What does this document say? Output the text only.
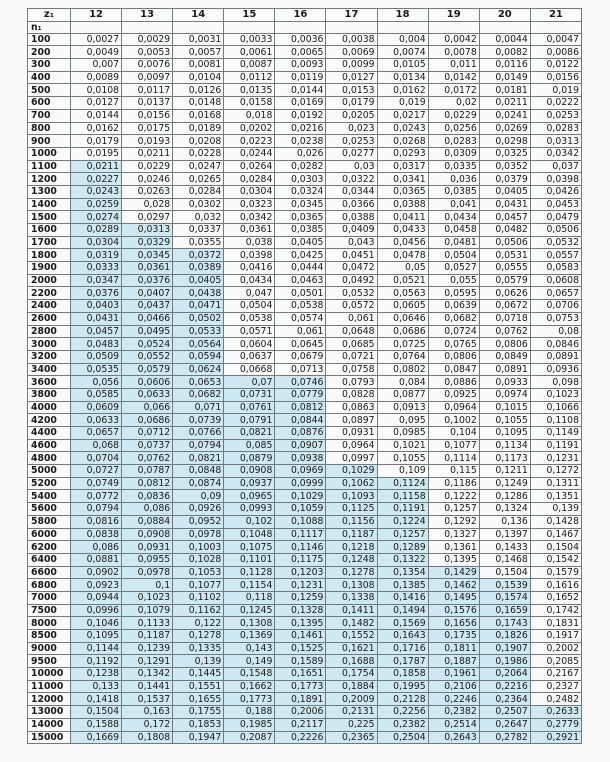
z₁	12	13	14	15	16	17	18	19	20	21
n₁										
100	0,0027	0,0029	0,0031	0,0033	0,0036	0,0038	0,004	0,0042	0,0044	0,0047
200	0,0049	0,0053	0,0057	0,0061	0,0065	0,0069	0,0074	0,0078	0,0082	0,0086
300	0,007	0,0076	0,0081	0,0087	0,0093	0,0099	0,0105	0,011	0,0116	0,0122
400	0,0089	0,0097	0,0104	0,0112	0,0119	0,0127	0,0134	0,0142	0,0149	0,0156
500	0,0108	0,0117	0,0126	0,0135	0,0144	0,0153	0,0162	0,0172	0,0181	0,019
600	0,0127	0,0137	0,0148	0,0158	0,0169	0,0179	0,019	0,02	0,0211	0,0222
700	0,0144	0,0156	0,0168	0,018	0,0192	0,0205	0,0217	0,0229	0,0241	0,0253
800	0,0162	0,0175	0,0189	0,0202	0,0216	0,023	0,0243	0,0256	0,0269	0,0283
900	0,0179	0,0193	0,0208	0,0223	0,0238	0,0253	0,0268	0,0283	0,0298	0,0313
1000	0,0195	0,0211	0,0228	0,0244	0,026	0,0277	0,0293	0,0309	0,0325	0,0342
1100	0,0211	0,0229	0,0247	0,0264	0,0282	0,03	0,0317	0,0335	0,0352	0,037
1200	0,0227	0,0246	0,0265	0,0284	0,0303	0,0322	0,0341	0,036	0,0379	0,0398
1300	0,0243	0,0263	0,0284	0,0304	0,0324	0,0344	0,0365	0,0385	0,0405	0,0426
1400	0,0259	0,028	0,0302	0,0323	0,0345	0,0366	0,0388	0,041	0,0431	0,0453
1500	0,0274	0,0297	0,032	0,0342	0,0365	0,0388	0,0411	0,0434	0,0457	0,0479
1600	0,0289	0,0313	0,0337	0,0361	0,0385	0,0409	0,0433	0,0458	0,0482	0,0506
1700	0,0304	0,0329	0,0355	0,038	0,0405	0,043	0,0456	0,0481	0,0506	0,0532
1800	0,0319	0,0345	0,0372	0,0398	0,0425	0,0451	0,0478	0,0504	0,0531	0,0557
1900	0,0333	0,0361	0,0389	0,0416	0,0444	0,0472	0,05	0,0527	0,0555	0,0583
2000	0,0347	0,0376	0,0405	0,0434	0,0463	0,0492	0,0521	0,055	0,0579	0,0608
2200	0,0376	0,0407	0,0438	0,047	0,0501	0,0532	0,0563	0,0595	0,0626	0,0657
2400	0,0403	0,0437	0,0471	0,0504	0,0538	0,0572	0,0605	0,0639	0,0672	0,0706
2600	0,0431	0,0466	0,0502	0,0538	0,0574	0,061	0,0646	0,0682	0,0718	0,0753
2800	0,0457	0,0495	0,0533	0,0571	0,061	0,0648	0,0686	0,0724	0,0762	0,08
3000	0,0483	0,0524	0,0564	0,0604	0,0645	0,0685	0,0725	0,0765	0,0806	0,0846
3200	0,0509	0,0552	0,0594	0,0637	0,0679	0,0721	0,0764	0,0806	0,0849	0,0891
3400	0,0535	0,0579	0,0624	0,0668	0,0713	0,0758	0,0802	0,0847	0,0891	0,0936
3600	0,056	0,0606	0,0653	0,07	0,0746	0,0793	0,084	0,0886	0,0933	0,098
3800	0,0585	0,0633	0,0682	0,0731	0,0779	0,0828	0,0877	0,0925	0,0974	0,1023
4000	0,0609	0,066	0,071	0,0761	0,0812	0,0863	0,0913	0,0964	0,1015	0,1066
4200	0,0633	0,0686	0,0739	0,0791	0,0844	0,0897	0,095	0,1002	0,1055	0,1108
4400	0,0657	0,0712	0,0766	0,0821	0,0876	0,0931	0,0985	0,104	0,1095	0,1149
4600	0,068	0,0737	0,0794	0,085	0,0907	0,0964	0,1021	0,1077	0,1134	0,1191
4800	0,0704	0,0762	0,0821	0,0879	0,0938	0,0997	0,1055	0,1114	0,1173	0,1231
5000	0,0727	0,0787	0,0848	0,0908	0,0969	0,1029	0,109	0,115	0,1211	0,1272
5200	0,0749	0,0812	0,0874	0,0937	0,0999	0,1062	0,1124	0,1186	0,1249	0,1311
5400	0,0772	0,0836	0,09	0,0965	0,1029	0,1093	0,1158	0,1222	0,1286	0,1351
5600	0,0794	0,086	0,0926	0,0993	0,1059	0,1125	0,1191	0,1257	0,1324	0,139
5800	0,0816	0,0884	0,0952	0,102	0,1088	0,1156	0,1224	0,1292	0,136	0,1428
6000	0,0838	0,0908	0,0978	0,1048	0,1117	0,1187	0,1257	0,1327	0,1397	0,1467
6200	0,086	0,0931	0,1003	0,1075	0,1146	0,1218	0,1289	0,1361	0,1433	0,1504
6400	0,0881	0,0955	0,1028	0,1101	0,1175	0,1248	0,1322	0,1395	0,1468	0,1542
6600	0,0902	0,0978	0,1053	0,1128	0,1203	0,1278	0,1354	0,1429	0,1504	0,1579
6800	0,0923	0,1	0,1077	0,1154	0,1231	0,1308	0,1385	0,1462	0,1539	0,1616
7000	0,0944	0,1023	0,1102	0,118	0,1259	0,1338	0,1416	0,1495	0,1574	0,1652
7500	0,0996	0,1079	0,1162	0,1245	0,1328	0,1411	0,1494	0,1576	0,1659	0,1742
8000	0,1046	0,1133	0,122	0,1308	0,1395	0,1482	0,1569	0,1656	0,1743	0,1831
8500	0,1095	0,1187	0,1278	0,1369	0,1461	0,1552	0,1643	0,1735	0,1826	0,1917
9000	0,1144	0,1239	0,1335	0,143	0,1525	0,1621	0,1716	0,1811	0,1907	0,2002
9500	0,1192	0,1291	0,139	0,149	0,1589	0,1688	0,1787	0,1887	0,1986	0,2085
10000	0,1238	0,1342	0,1445	0,1548	0,1651	0,1754	0,1858	0,1961	0,2064	0,2167
11000	0,133	0,1441	0,1551	0,1662	0,1773	0,1884	0,1995	0,2106	0,2216	0,2327
12000	0,1418	0,1537	0,1655	0,1773	0,1891	0,2009	0,2128	0,2246	0,2364	0,2482
13000	0,1504	0,163	0,1755	0,188	0,2006	0,2131	0,2256	0,2382	0,2507	0,2633
14000	0,1588	0,172	0,1853	0,1985	0,2117	0,225	0,2382	0,2514	0,2647	0,2779
15000	0,1669	0,1808	0,1947	0,2087	0,2226	0,2365	0,2504	0,2643	0,2782	0,2921
